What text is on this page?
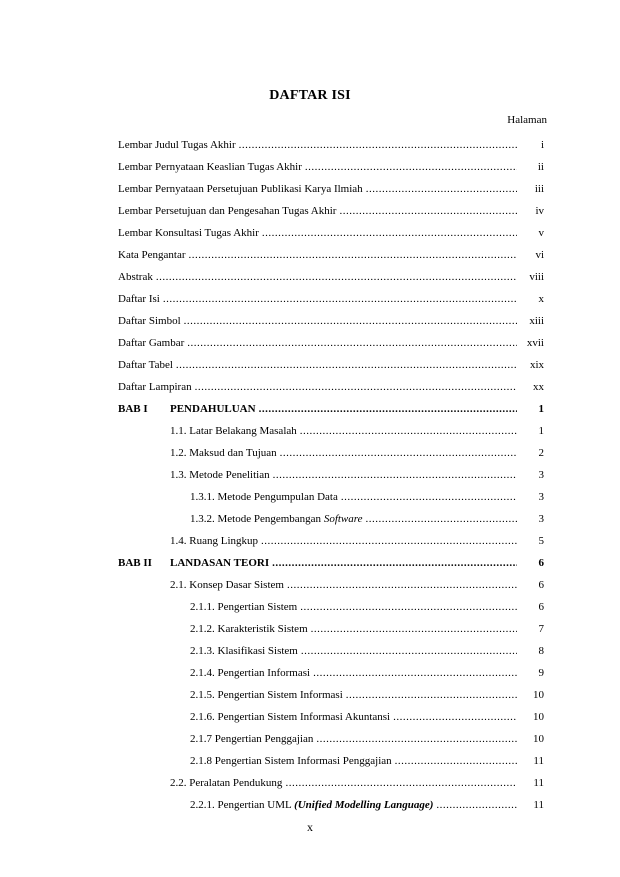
DAFTAR ISI
Halaman
Lembar Judul Tugas Akhir .....	i
Lembar Pernyataan Keaslian Tugas Akhir .....	ii
Lembar Pernyataan Persetujuan Publikasi Karya Ilmiah .....	iii
Lembar Persetujuan dan Pengesahan Tugas Akhir .....	iv
Lembar Konsultasi Tugas Akhir .....	v
Kata Pengantar .....	vi
Abstrak .....	viii
Daftar Isi .....	x
Daftar Simbol .....	xiii
Daftar Gambar .....	xvii
Daftar Tabel .....	xix
Daftar Lampiran .....	xx
BAB I PENDAHULUAN .....	1
1.1. Latar Belakang Masalah .....	1
1.2. Maksud dan Tujuan .....	2
1.3. Metode Penelitian .....	3
1.3.1. Metode Pengumpulan Data .....	3
1.3.2. Metode Pengembangan Software .....	3
1.4. Ruang Lingkup .....	5
BAB II LANDASAN TEORI .....	6
2.1. Konsep Dasar Sistem .....	6
2.1.1. Pengertian Sistem .....	6
2.1.2. Karakteristik Sistem .....	7
2.1.3. Klasifikasi Sistem .....	8
2.1.4. Pengertian Informasi .....	9
2.1.5. Pengertian Sistem Informasi .....	10
2.1.6. Pengertian Sistem Informasi Akuntansi .....	10
2.1.7 Pengertian Penggajian .....	10
2.1.8 Pengertian Sistem Informasi Penggajian .....	11
2.2. Peralatan Pendukung .....	11
2.2.1. Pengertian UML (Unified Modelling Language) .....	11
x
